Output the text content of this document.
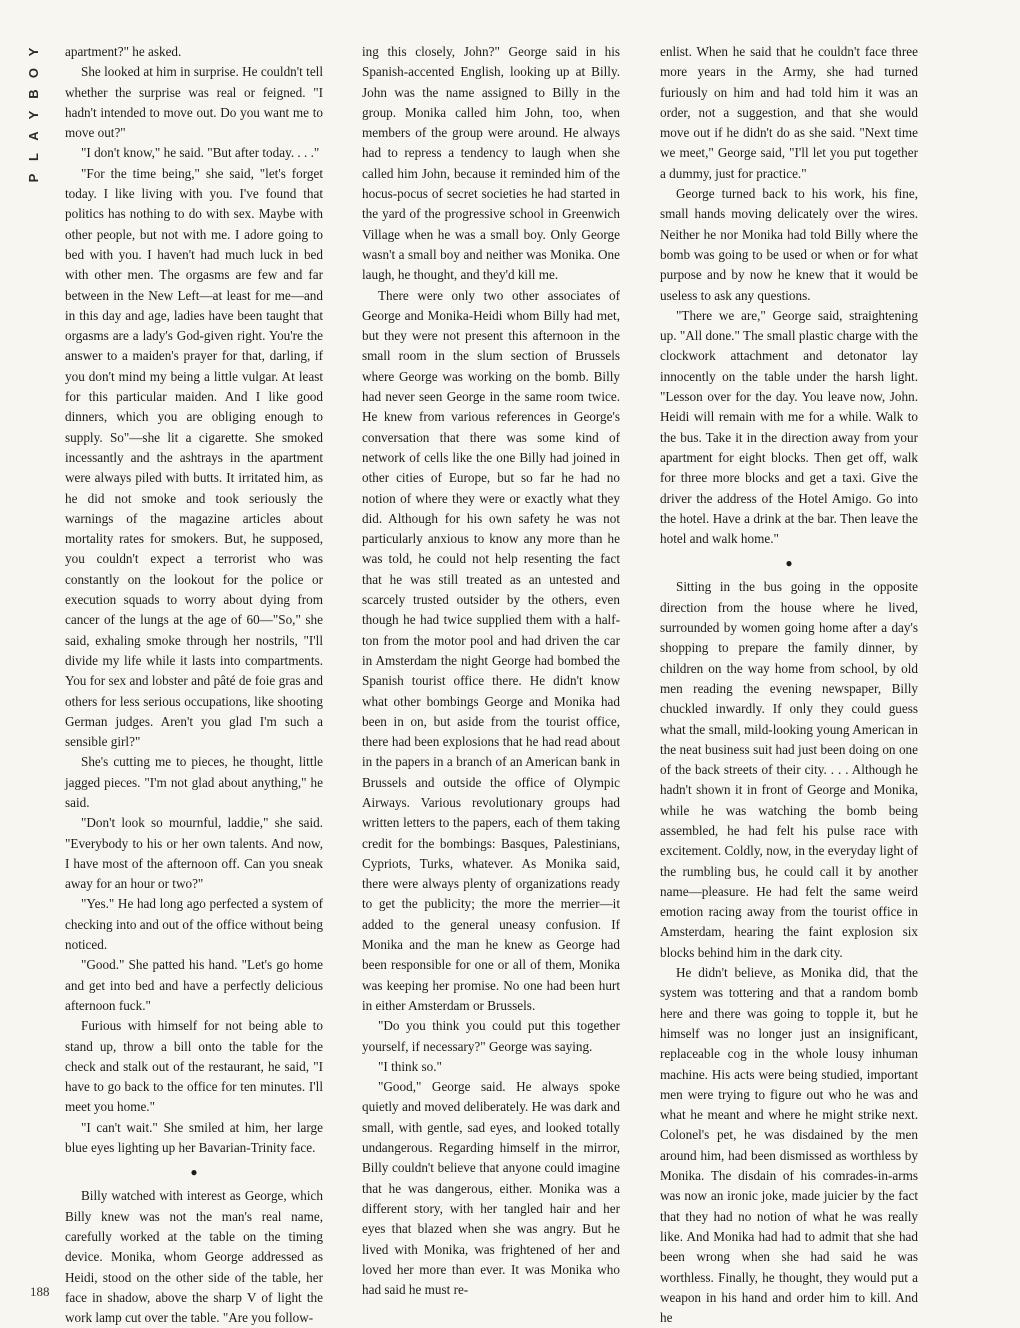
Y
O
B
Y
A
L
P

apartment?" he asked.

She looked at him in surprise. He couldn't tell whether the surprise was real or feigned. "I hadn't intended to move out. Do you want me to move out?"

"I don't know," he said. "But after today. . . ."

"For the time being," she said, "let's forget today. I like living with you. I've found that politics has nothing to do with sex. Maybe with other people, but not with me. I adore going to bed with you. I haven't had much luck in bed with other men. The orgasms are few and far between in the New Left—at least for me—and in this day and age, ladies have been taught that orgasms are a lady's God-given right. You're the answer to a maiden's prayer for that, darling, if you don't mind my being a little vulgar. At least for this particular maiden. And I like good dinners, which you are obliging enough to supply. So"—she lit a cigarette. She smoked incessantly and the ashtrays in the apartment were always piled with butts. It irritated him, as he did not smoke and took seriously the warnings of the magazine articles about mortality rates for smokers. But, he supposed, you couldn't expect a terrorist who was constantly on the lookout for the police or execution squads to worry about dying from cancer of the lungs at the age of 60—"So," she said, exhaling smoke through her nostrils, "I'll divide my life while it lasts into compartments. You for sex and lobster and pâté de foie gras and others for less serious occupations, like shooting German judges. Aren't you glad I'm such a sensible girl?"

She's cutting me to pieces, he thought, little jagged pieces. "I'm not glad about anything," he said.

"Don't look so mournful, laddie," she said. "Everybody to his or her own talents. And now, I have most of the afternoon off. Can you sneak away for an hour or two?"

"Yes." He had long ago perfected a system of checking into and out of the office without being noticed.

"Good." She patted his hand. "Let's go home and get into bed and have a perfectly delicious afternoon fuck."

Furious with himself for not being able to stand up, throw a bill onto the table for the check and stalk out of the restaurant, he said, "I have to go back to the office for ten minutes. I'll meet you home."

"I can't wait." She smiled at him, her large blue eyes lighting up her Bavarian-Trinity face.

●

Billy watched with interest as George, which Billy knew was not the man's real name, carefully worked at the table on the timing device. Monika, whom George addressed as Heidi, stood on the other side of the table, her face in shadow, above the sharp V of light the work lamp cut over the table. "Are you follow-

ing this closely, John?" George said in his Spanish-accented English, looking up at Billy. John was the name assigned to Billy in the group. Monika called him John, too, when members of the group were around. He always had to repress a tendency to laugh when she called him John, because it reminded him of the hocus-pocus of secret societies he had started in the yard of the progressive school in Greenwich Village when he was a small boy. Only George wasn't a small boy and neither was Monika. One laugh, he thought, and they'd kill me.

There were only two other associates of George and Monika-Heidi whom Billy had met, but they were not present this afternoon in the small room in the slum section of Brussels where George was working on the bomb. Billy had never seen George in the same room twice. He knew from various references in George's conversation that there was some kind of network of cells like the one Billy had joined in other cities of Europe, but so far he had no notion of where they were or exactly what they did. Although for his own safety he was not particularly anxious to know any more than he was told, he could not help resenting the fact that he was still treated as an untested and scarcely trusted outsider by the others, even though he had twice supplied them with a half-ton from the motor pool and had driven the car in Amsterdam the night George had bombed the Spanish tourist office there. He didn't know what other bombings George and Monika had been in on, but aside from the tourist office, there had been explosions that he had read about in the papers in a branch of an American bank in Brussels and outside the office of Olympic Airways. Various revolutionary groups had written letters to the papers, each of them taking credit for the bombings: Basques, Palestinians, Cypriots, Turks, whatever. As Monika said, there were always plenty of organizations ready to get the publicity; the more the merrier—it added to the general uneasy confusion. If Monika and the man he knew as George had been responsible for one or all of them, Monika was keeping her promise. No one had been hurt in either Amsterdam or Brussels.

"Do you think you could put this together yourself, if necessary?" George was saying.

"I think so."

"Good," George said. He always spoke quietly and moved deliberately. He was dark and small, with gentle, sad eyes, and looked totally undangerous. Regarding himself in the mirror, Billy couldn't believe that anyone could imagine that he was dangerous, either. Monika was a different story, with her tangled hair and her eyes that blazed when she was angry. But he lived with Monika, was frightened of her and loved her more than ever. It was Monika who had said he must re-

enlist. When he said that he couldn't face three more years in the Army, she had turned furiously on him and had told him it was an order, not a suggestion, and that she would move out if he didn't do as she said. "Next time we meet," George said, "I'll let you put together a dummy, just for practice."

George turned back to his work, his fine, small hands moving delicately over the wires. Neither he nor Monika had told Billy where the bomb was going to be used or when or for what purpose and by now he knew that it would be useless to ask any questions.

"There we are," George said, straightening up. "All done." The small plastic charge with the clockwork attachment and detonator lay innocently on the table under the harsh light. "Lesson over for the day. You leave now, John. Heidi will remain with me for a while. Walk to the bus. Take it in the direction away from your apartment for eight blocks. Then get off, walk for three more blocks and get a taxi. Give the driver the address of the Hotel Amigo. Go into the hotel. Have a drink at the bar. Then leave the hotel and walk home."

●

Sitting in the bus going in the opposite direction from the house where he lived, surrounded by women going home after a day's shopping to prepare the family dinner, by children on the way home from school, by old men reading the evening newspaper, Billy chuckled inwardly. If only they could guess what the small, mild-looking young American in the neat business suit had just been doing on one of the back streets of their city. . . . Although he hadn't shown it in front of George and Monika, while he was watching the bomb being assembled, he had felt his pulse race with excitement. Coldly, now, in the everyday light of the rumbling bus, he could call it by another name—pleasure. He had felt the same weird emotion racing away from the tourist office in Amsterdam, hearing the faint explosion six blocks behind him in the dark city.

He didn't believe, as Monika did, that the system was tottering and that a random bomb here and there was going to topple it, but he himself was no longer just an insignificant, replaceable cog in the whole lousy inhuman machine. His acts were being studied, important men were trying to figure out who he was and what he meant and where he might strike next. Colonel's pet, he was disdained by the men around him, had been dismissed as worthless by Monika. The disdain of his comrades-in-arms was now an ironic joke, made juicier by the fact that they had no notion of what he was really like. And Monika had had to admit that she had been wrong when she had said he was worthless. Finally, he thought, they would put a weapon in his hand and order him to kill. And he

188
